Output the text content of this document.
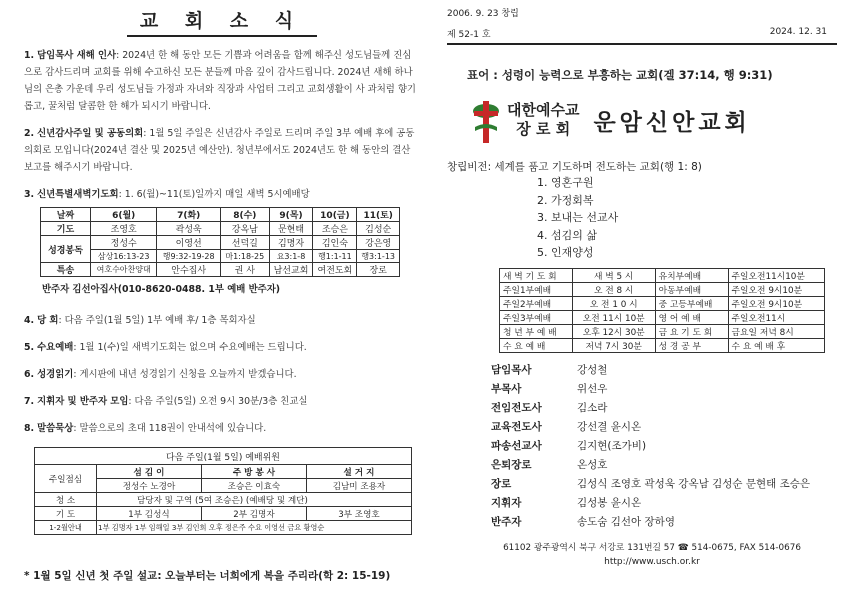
교 회 소 식
1. 담임목사 새해 인사: 2024년 한 해 동안 모든 기쁨과 어려움을 함께 해주신 성도님들께 진심으로 감사드리며 교회를 위해 수고하신 모든 분들께 마음 깊이 감사드립니다. 2024년 새해 하나님의 은총 가운데 우리 성도님들 가정과 자녀와 직장과 사업터 그리고 교회생활이 사 과처럼 향기롭고, 꿀처럼 달콤한 한 해가 되시기 바랍니다.
2. 신년감사주일 및 공동의회: 1월 5일 주일은 신년감사 주일로 드리며 주일 3부 예배 후에 공동의회로 모입니다(2024년 결산 및 2025년 예산안). 청년부에서도 2024년도 한 해 동안의 결산보고를 해주시기 바랍니다.
3. 신년특별새벽기도회: 1. 6(월)~11(토)일까지 매일 새벽 5시예배당
날짜	6(월)	7(화)	8(수)	9(목)	10(금)	11(토)
기도	조영호	곽성욱	강옥남	문현태	조승은	김성순
성경봉독	정성수	이영선	선덕길	김명자	김인숙	강은영
	삼상16:13-23	행9:32-19-28	마1:18-25	요3:1-8	행1:1-11	행3:1-13
특송	여호수아찬양대	안수집사	권 사	남선교회	여전도회	장로
반주자 김선아집사(010-8620-0488. 1부 예배 반주자)
4. 당 회: 다음 주일(1월 5일) 1부 예배 후/ 1층 목회자실
5. 수요예배: 1월 1(수)일 새벽기도회는 없으며 수요예배는 드립니다.
6. 성경읽기: 게시판에 내년 성경읽기 신청을 오늘까지 받겠습니다.
7. 지휘자 및 반주자 모임: 다음 주일(5일) 오전 9시 30분/3층 친교실
8. 말씀묵상: 말씀으로의 초대 118권이 안내석에 있습니다.
다음 주일(1월 5일) 예배위원			
주일점심	섬 김 이	주 방 봉 사	설 거 지
	정성수 노경아	조승은 이효숙	김남미 조용자
청 소	담당자 및 구역 (5여 조승은) (예배당 및 계단)		
기 도	1부 김성식	2부 김명자	3부 조영호
1-2월안내	1부 김명자 1부 임해일 3부 김인희 오후 정은주 수요 이영선 금요 황영순		
* 1월 5일 신년 첫 주일 설교: 오늘부터는 너희에게 복을 주리라(학 2: 15-19)
2006. 9. 23 창립
제 52-1 호	2024. 12. 31
표어 : 성령이 능력으로 부흥하는 교회(겔 37:14, 행 9:31)
대한예수교
장 로 회	운암신안교회
창립비전: 세계를 품고 기도하며 전도하는 교회(행 1: 8)
1. 영혼구원
2. 가정회복
3. 보내는 선교사
4. 섬김의 삶
5. 인재양성
새 벽 기 도 회	새 벽 5 시	유치부예배	주일오전11시10분
주일1부예배	오 전 8 시	아동부예배	주일오전 9시10분
주일2부예배	오 전 1 0 시	중 고등부예배	주일오전 9시10분
주일3부예배	오전 11시 10분	영 어 예 배	주일오전11시
청 년 부 예 배	오후 12시 30분	금 요 기 도 회	금요일 저녁 8시
수 요 예 배	저녁 7시 30분	성 경 공 부	수 요 예 배 후
담임목사	강성철
부목사	위선우
전임전도사	김소라
교육전도사	강선결 윤시온
파송선교사	김지현(조가비)
은퇴장로	온성호
장로	김성식 조영호 곽성욱 강옥남 김성순 문현태 조승은
지휘자	김성봉 윤시온
반주자	송도숨 김선아 장하영
61102 광주광역시 북구 서강로 131번길 57 ☎ 514-0675, FAX 514-0676
http://www.usch.or.kr
